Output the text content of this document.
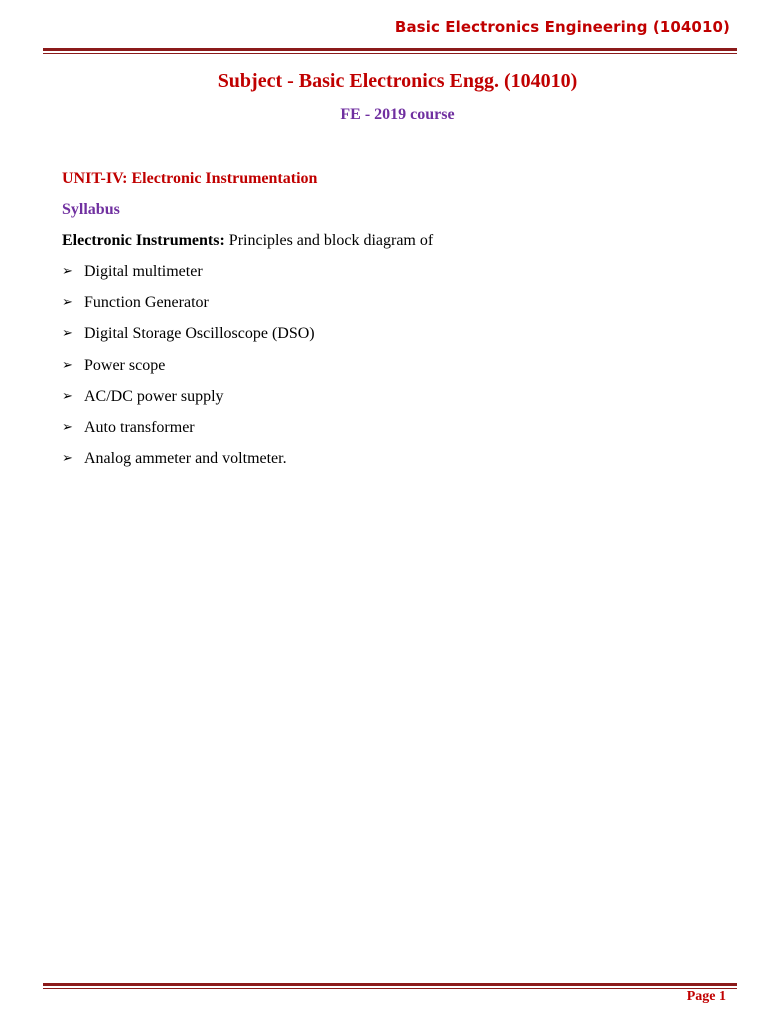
Basic Electronics Engineering (104010)
Subject - Basic Electronics Engg. (104010)
FE - 2019 course
UNIT-IV: Electronic Instrumentation
Syllabus
Electronic Instruments: Principles and block diagram of
➢ Digital multimeter
➢ Function Generator
➢ Digital Storage Oscilloscope (DSO)
➢ Power scope
➢ AC/DC power supply
➢ Auto transformer
➢ Analog ammeter and voltmeter.
Page 1
